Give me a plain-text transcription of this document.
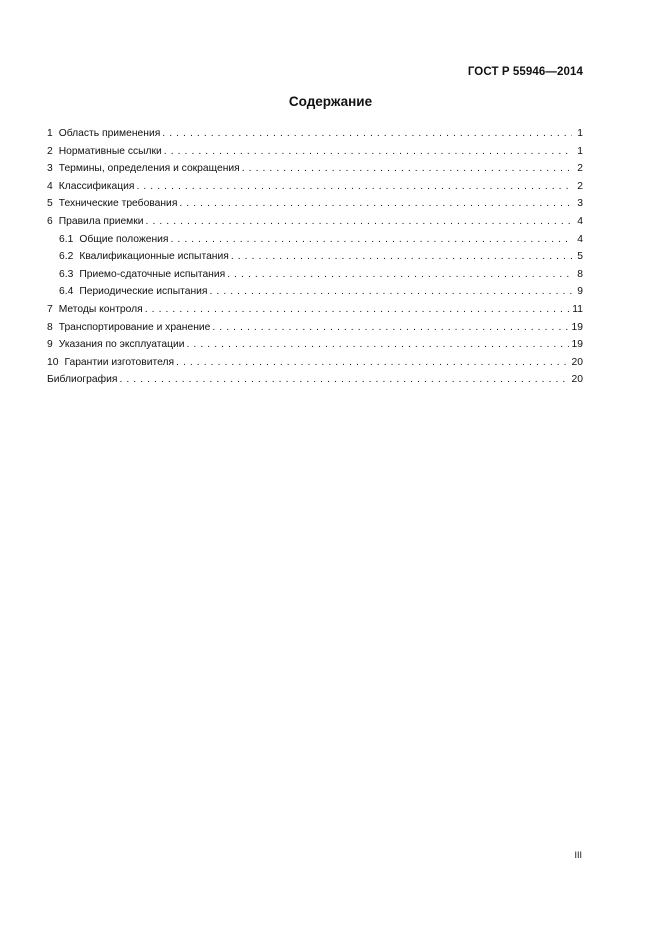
ГОСТ Р 55946—2014
Содержание
1 Область применения . . .	1
2 Нормативные ссылки . . .	1
3 Термины, определения и сокращения . . .	2
4 Классификация . . .	2
5 Технические требования . . .	3
6 Правила приемки . . .	4
6.1 Общие положения . . .	4
6.2 Квалификационные испытания . . .	5
6.3 Приемо-сдаточные испытания . . .	8
6.4 Периодические испытания . . .	9
7 Методы контроля . . .	11
8 Транспортирование и хранение . . .	19
9 Указания по эксплуатации . . .	19
10 Гарантии изготовителя . . .	20
Библиография . . .	20
III
